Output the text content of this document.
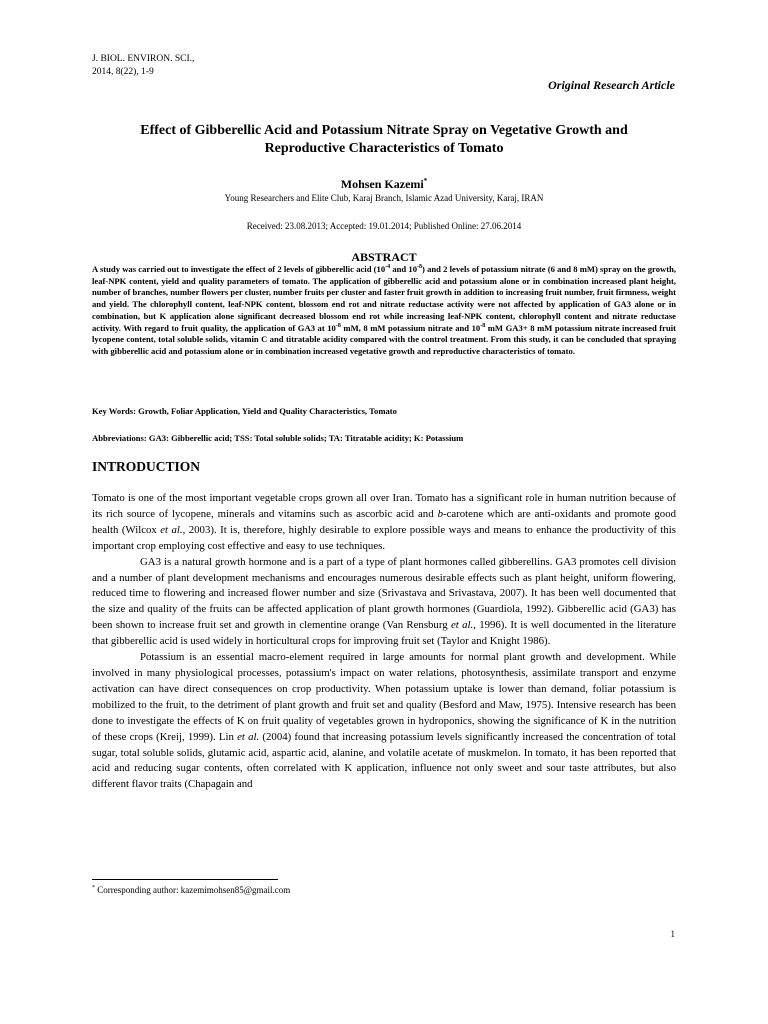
J. BIOL. ENVIRON. SCI.,
2014, 8(22), 1-9
Original Research Article
Effect of Gibberellic Acid and Potassium Nitrate Spray on Vegetative Growth and
Reproductive Characteristics of Tomato
Mohsen Kazemi*
Young Researchers and Elite Club, Karaj Branch, Islamic Azad University, Karaj, IRAN
Received: 23.08.2013; Accepted: 19.01.2014; Published Online: 27.06.2014
ABSTRACT
A study was carried out to investigate the effect of 2 levels of gibberellic acid ($10^{-4}$ and $10^{-8}$) and 2 levels of potassium nitrate (6 and 8 mM) spray on the growth, leaf-NPK content, yield and quality parameters of tomato. The application of gibberellic acid and potassium alone or in combination increased plant height, number of branches, number flowers per cluster, number fruits per cluster and faster fruit growth in addition to increasing fruit number, fruit firmness, weight and yield. The chlorophyll content, leaf-NPK content, blossom end rot and nitrate reductase activity were not affected by application of GA3 alone or in combination, but K application alone significant decreased blossom end rot while increasing leaf-NPK content, chlorophyll content and nitrate reductase activity. With regard to fruit quality, the application of GA3 at $10^{-8}$ mM, 8 mM potassium nitrate and $10^{-8}$ mM GA3+ 8 mM potassium nitrate increased fruit lycopene content, total soluble solids, vitamin C and titratable acidity compared with the control treatment. From this study, it can be concluded that spraying with gibberellic acid and potassium alone or in combination increased vegetative growth and reproductive characteristics of tomato.
Key Words: Growth, Foliar Application, Yield and Quality Characteristics, Tomato
Abbreviations: GA3: Gibberellic acid; TSS: Total soluble solids; TA: Titratable acidity; K: Potassium
INTRODUCTION

Tomato is one of the most important vegetable crops grown all over Iran. Tomato has a significant role in human nutrition because of its rich source of lycopene, minerals and vitamins such as ascorbic acid and b-carotene which are anti-oxidants and promote good health (Wilcox et al., 2003). It is, therefore, highly desirable to explore possible ways and means to enhance the productivity of this important crop employing cost effective and easy to use techniques.

GA3 is a natural growth hormone and is a part of a type of plant hormones called gibberellins. GA3 promotes cell division and a number of plant development mechanisms and encourages numerous desirable effects such as plant height, uniform flowering, reduced time to flowering and increased flower number and size (Srivastava and Srivastava, 2007). It has been well documented that the size and quality of the fruits can be affected application of plant growth hormones (Guardiola, 1992). Gibberellic acid (GA3) has been shown to increase fruit set and growth in clementine orange (Van Rensburg et al., 1996). It is well documented in the literature that gibberellic acid is used widely in horticultural crops for improving fruit set (Taylor and Knight 1986).

Potassium is an essential macro-element required in large amounts for normal plant growth and development. While involved in many physiological processes, potassium's impact on water relations, photosynthesis, assimilate transport and enzyme activation can have direct consequences on crop productivity. When potassium uptake is lower than demand, foliar potassium is mobilized to the fruit, to the detriment of plant growth and fruit set and quality (Besford and Maw, 1975). Intensive research has been done to investigate the effects of K on fruit quality of vegetables grown in hydroponics, showing the significance of K in the nutrition of these crops (Kreij, 1999). Lin et al. (2004) found that increasing potassium levels significantly increased the concentration of total sugar, total soluble solids, glutamic acid, aspartic acid, alanine, and volatile acetate of muskmelon. In tomato, it has been reported that acid and reducing sugar contents, often correlated with K application, influence not only sweet and sour taste attributes, but also different flavor traits (Chapagain and

* Corresponding author: kazemimohsen85@gmail.com
1
